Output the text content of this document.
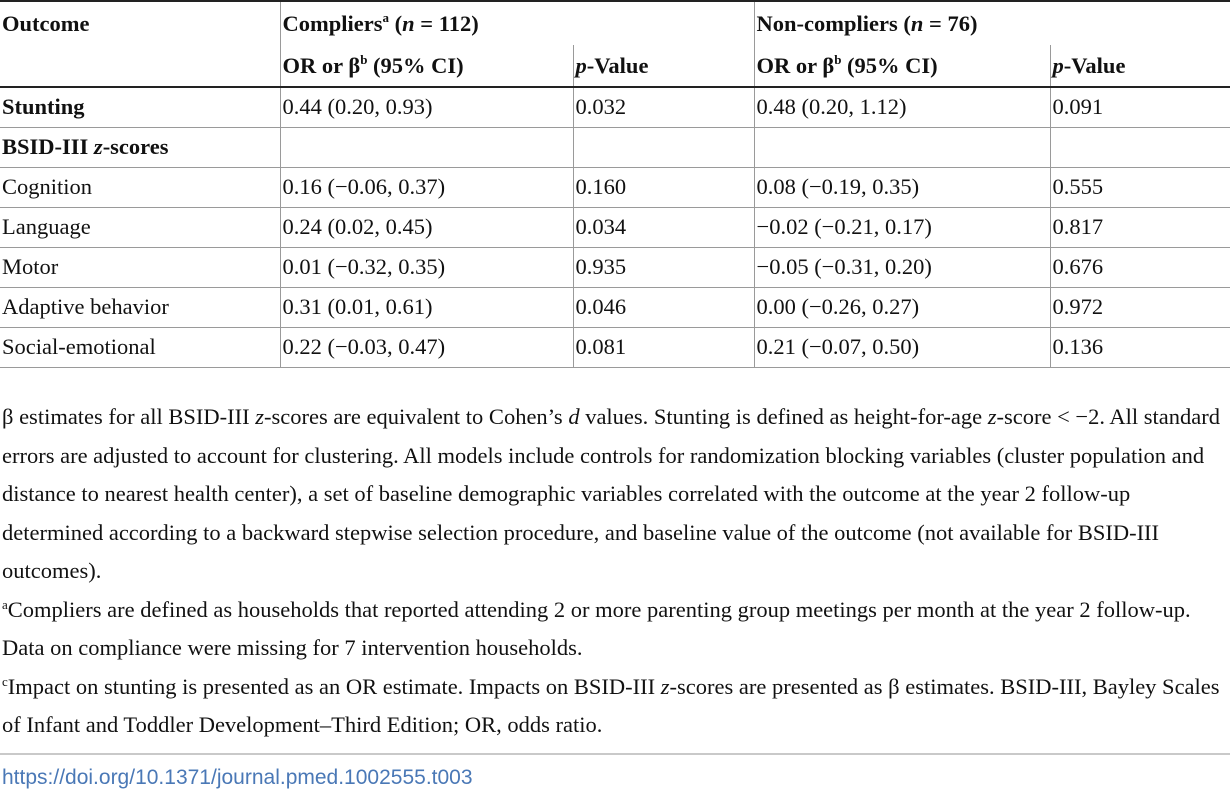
Outcome	Compliers$^a$ (n = 112)		Non-compliers (n = 76)	
	OR or $\beta^b$ (95% CI)	p-Value	OR or $\beta^b$ (95% CI)	p-Value
Stunting	0.44 (0.20, 0.93)	0.032	0.48 (0.20, 1.12)	0.091
BSID-III z-scores				
Cognition	0.16 (−0.06, 0.37)	0.160	0.08 (−0.19, 0.35)	0.555
Language	0.24 (0.02, 0.45)	0.034	−0.02 (−0.21, 0.17)	0.817
Motor	0.01 (−0.32, 0.35)	0.935	−0.05 (−0.31, 0.20)	0.676
Adaptive behavior	0.31 (0.01, 0.61)	0.046	0.00 (−0.26, 0.27)	0.972
Social-emotional	0.22 (−0.03, 0.47)	0.081	0.21 (−0.07, 0.50)	0.136

β estimates for all BSID-III z-scores are equivalent to Cohen’s d values. Stunting is defined as height-for-age z-score < −2. All standard errors are adjusted to account for clustering. All models include controls for randomization blocking variables (cluster population and distance to nearest health center), a set of baseline demographic variables correlated with the outcome at the year 2 follow-up determined according to a backward stepwise selection procedure, and baseline value of the outcome (not available for BSID-III outcomes).

$^a$Compliers are defined as households that reported attending 2 or more parenting group meetings per month at the year 2 follow-up. Data on compliance were missing for 7 intervention households.

$^c$Impact on stunting is presented as an OR estimate. Impacts on BSID-III z-scores are presented as β estimates. BSID-III, Bayley Scales of Infant and Toddler Development–Third Edition; OR, odds ratio.

https://doi.org/10.1371/journal.pmed.1002555.t003
